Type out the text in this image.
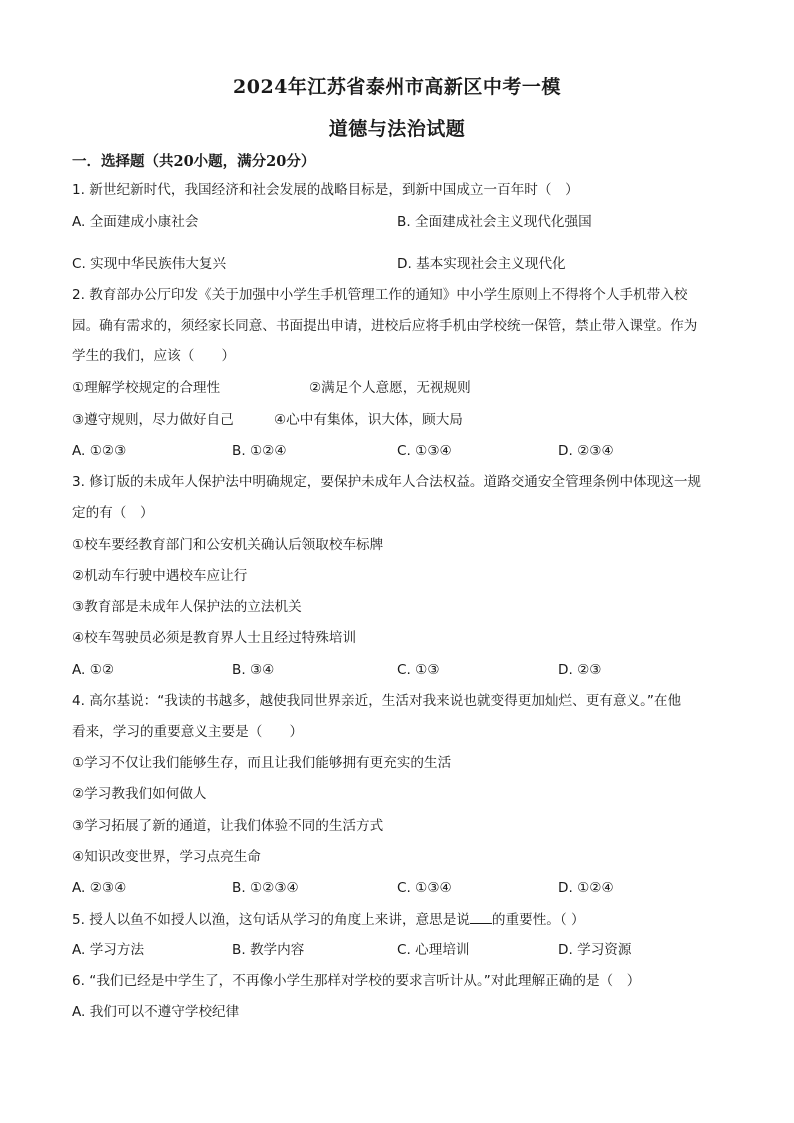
2024年江苏省泰州市高新区中考一模
道德与法治试题
一．选择题（共20小题，满分20分）
1. 新世纪新时代，我国经济和社会发展的战略目标是，到新中国成立一百年时（　）
A. 全面建成小康社会	B. 全面建成社会主义现代化强国
C. 实现中华民族伟大复兴	D. 基本实现社会主义现代化
2. 教育部办公厅印发《关于加强中小学生手机管理工作的通知》中小学生原则上不得将个人手机带入校
园。确有需求的，须经家长同意、书面提出申请，进校后应将手机由学校统一保管，禁止带入课堂。作为
学生的我们，应该（　　）
①理解学校规定的合理性	②满足个人意愿，无视规则
③遵守规则，尽力做好自己	④心中有集体，识大体，顾大局
A. ①②③	B. ①②④	C. ①③④	D. ②③④
3. 修订版的未成年人保护法中明确规定，要保护未成年人合法权益。道路交通安全管理条例中体现这一规
定的有（　）
①校车要经教育部门和公安机关确认后领取校车标牌
②机动车行驶中遇校车应让行
③教育部是未成年人保护法的立法机关
④校车驾驶员必须是教育界人士且经过特殊培训
A. ①②	B. ③④	C. ①③	D. ②③
4. 高尔基说：“我读的书越多，越使我同世界亲近，生活对我来说也就变得更加灿烂、更有意义。”在他
看来，学习的重要意义主要是（　　）
①学习不仅让我们能够生存，而且让我们能够拥有更充实的生活
②学习教我们如何做人
③学习拓展了新的通道，让我们体验不同的生活方式
④知识改变世界，学习点亮生命
A. ②③④	B. ①②③④	C. ①③④	D. ①②④
5. 授人以鱼不如授人以渔，这句话从学习的角度上来讲，意思是说 的重要性。（ ）
A. 学习方法	B. 教学内容	C. 心理培训	D. 学习资源
6. “我们已经是中学生了，不再像小学生那样对学校的要求言听计从。”对此理解正确的是（　）
A. 我们可以不遵守学校纪律
